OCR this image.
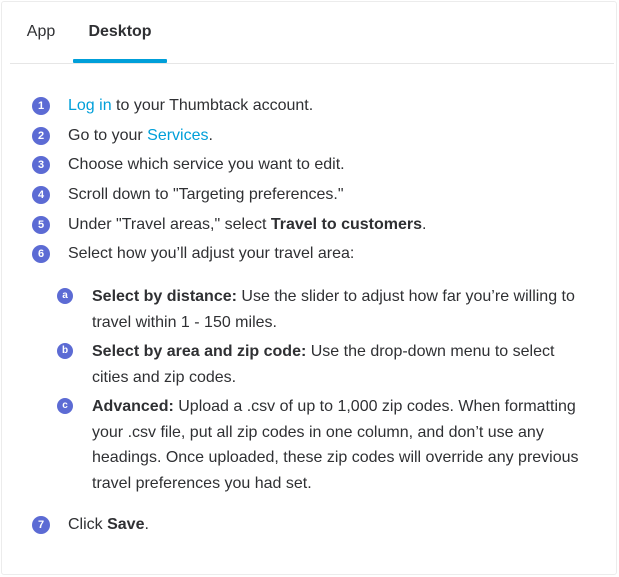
App	Desktop
1	Log in to your Thumbtack account.
2	Go to your Services.
3	Choose which service you want to edit.
4	Scroll down to "Targeting preferences."
5	Under "Travel areas," select Travel to customers.
6	Select how you’ll adjust your travel area:
a	Select by distance: Use the slider to adjust how far you’re willing to travel within 1 - 150 miles.
b	Select by area and zip code: Use the drop-down menu to select cities and zip codes.
c	Advanced: Upload a .csv of up to 1,000 zip codes. When formatting your .csv file, put all zip codes in one column, and don’t use any headings. Once uploaded, these zip codes will override any previous travel preferences you had set.
7	Click Save.
